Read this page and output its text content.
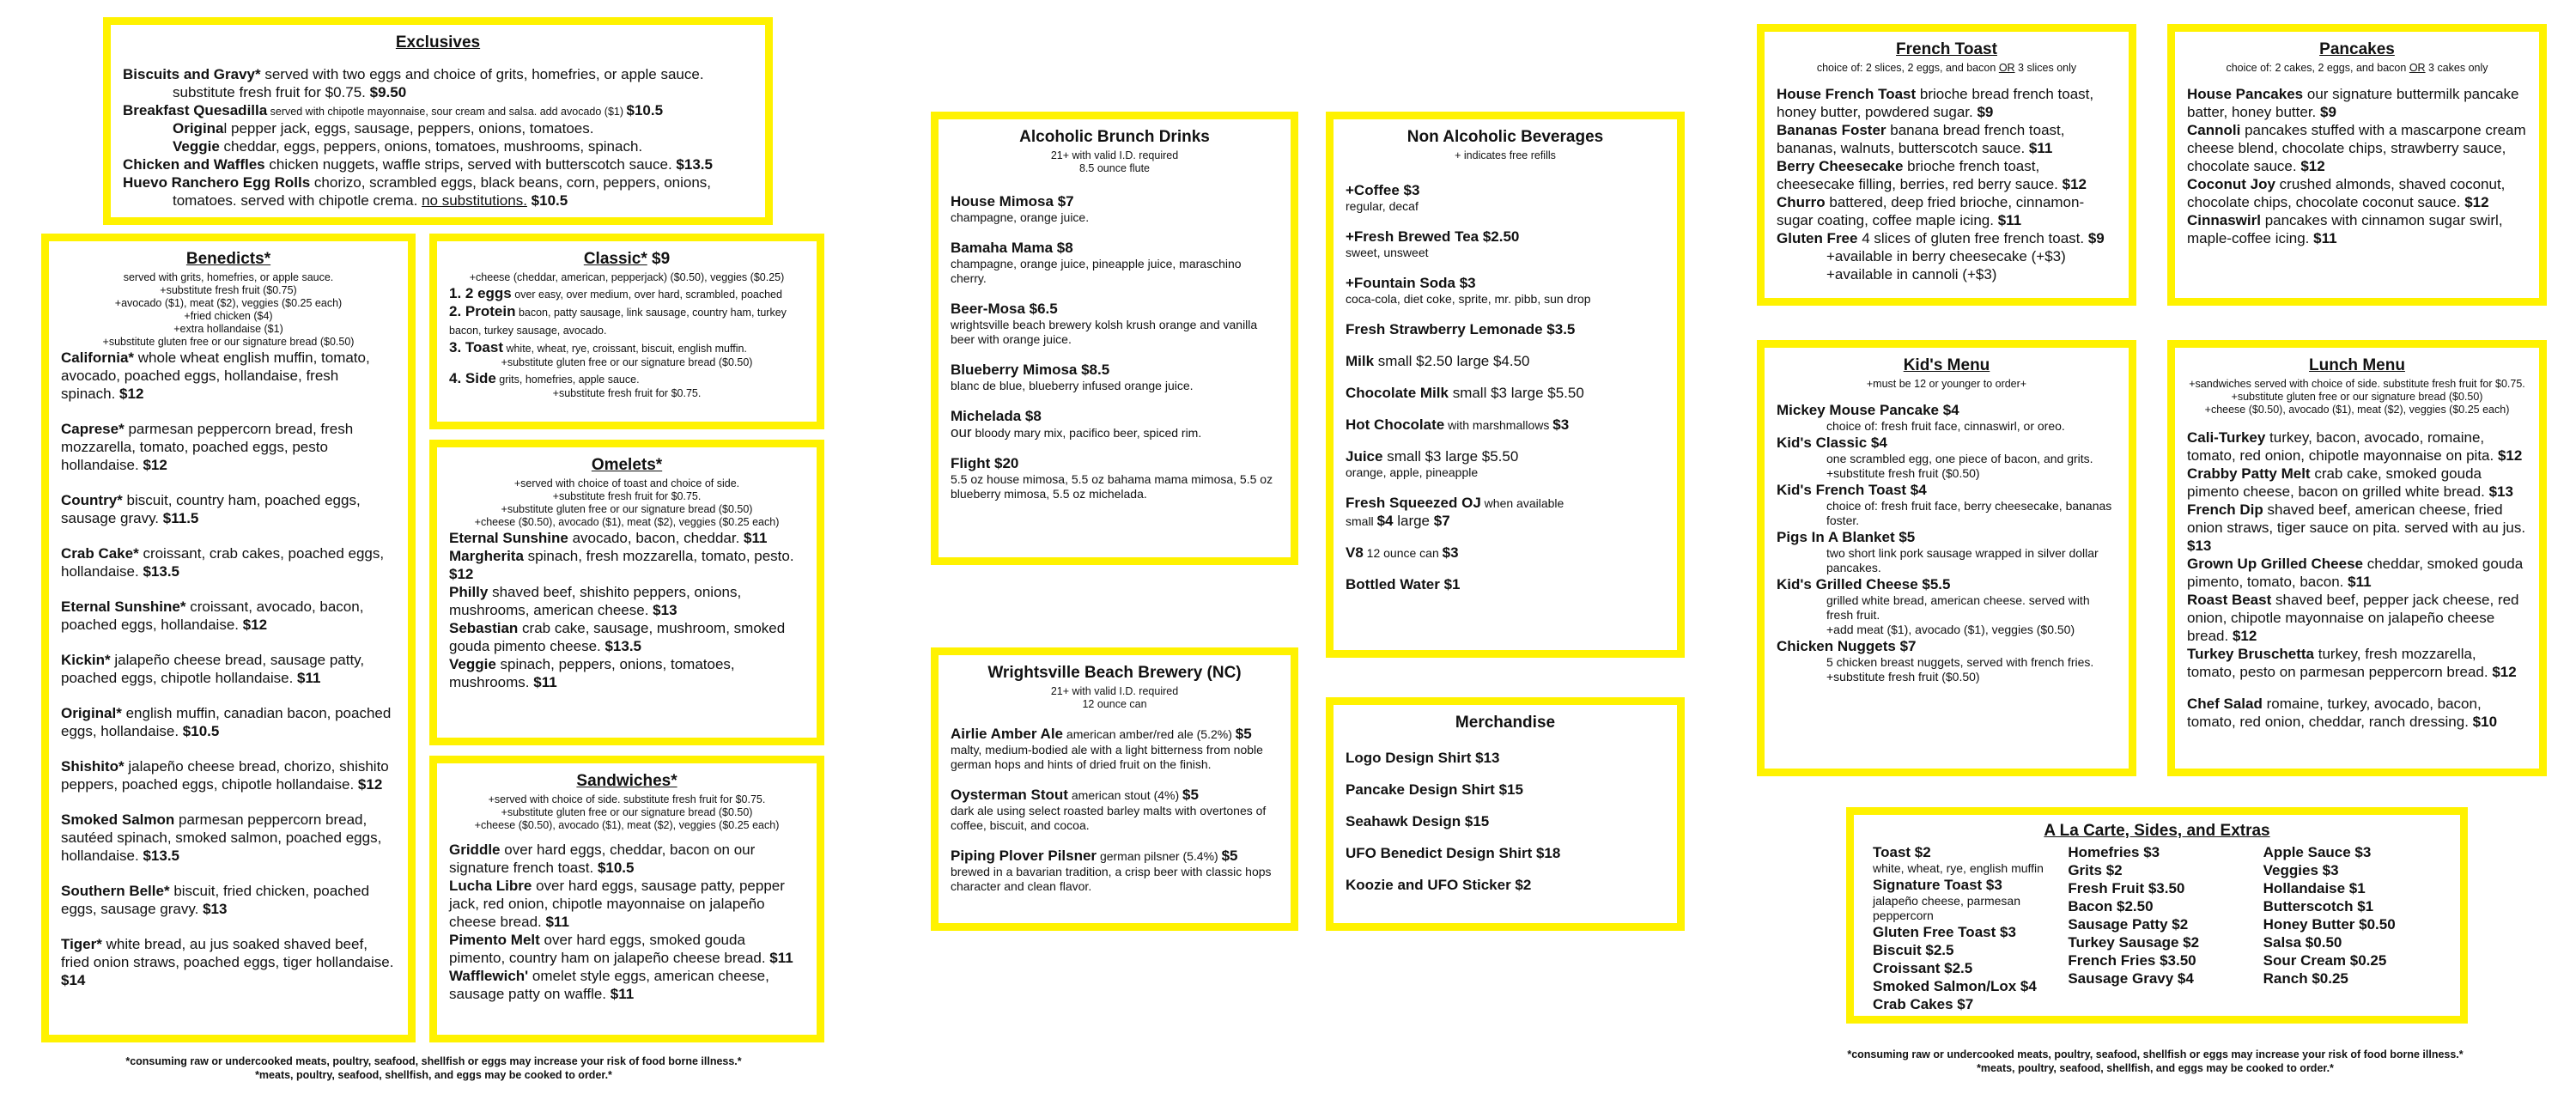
Exclusives
Biscuits and Gravy* served with two eggs and choice of grits, homefries, or apple sauce.
substitute fresh fruit for $0.75. $9.50
Breakfast Quesadilla served with chipotle mayonnaise, sour cream and salsa. add avocado ($1) $10.5
Original pepper jack, eggs, sausage, peppers, onions, tomatoes.
Veggie cheddar, eggs, peppers, onions, tomatoes, mushrooms, spinach.
Chicken and Waffles chicken nuggets, waffle strips, served with butterscotch sauce. $13.5
Huevo Ranchero Egg Rolls chorizo, scrambled eggs, black beans, corn, peppers, onions,
tomatoes. served with chipotle crema. no substitutions. $10.5
Benedicts*
served with grits, homefries, or apple sauce.
+substitute fresh fruit ($0.75)
+avocado ($1), meat ($2), veggies ($0.25 each)
+fried chicken ($4)
+extra hollandaise ($1)
+substitute gluten free or our signature bread ($0.50)
California* whole wheat english muffin, tomato, avocado, poached eggs, hollandaise, fresh spinach. $12
Caprese* parmesan peppercorn bread, fresh mozzarella, tomato, poached eggs, pesto hollandaise. $12
Country* biscuit, country ham, poached eggs, sausage gravy. $11.5
Crab Cake* croissant, crab cakes, poached eggs, hollandaise. $13.5
Eternal Sunshine* croissant, avocado, bacon, poached eggs, hollandaise. $12
Kickin* jalapeño cheese bread, sausage patty, poached eggs, chipotle hollandaise. $11
Original* english muffin, canadian bacon, poached eggs, hollandaise. $10.5
Shishito* jalapeño cheese bread, chorizo, shishito peppers, poached eggs, chipotle hollandaise. $12
Smoked Salmon parmesan peppercorn bread, sautéed spinach, smoked salmon, poached eggs, hollandaise. $13.5
Southern Belle* biscuit, fried chicken, poached eggs, sausage gravy. $13
Tiger* white bread, au jus soaked shaved beef, fried onion straws, poached eggs, tiger hollandaise. $14
Classic* $9
+cheese (cheddar, american, pepperjack) ($0.50), veggies ($0.25)
1. 2 eggs over easy, over medium, over hard, scrambled, poached
2. Protein bacon, patty sausage, link sausage, country ham, turkey bacon, turkey sausage, avocado.
3. Toast white, wheat, rye, croissant, biscuit, english muffin.
+substitute gluten free or our signature bread ($0.50)
4. Side grits, homefries, apple sauce.
+substitute fresh fruit for $0.75.
Omelets*
+served with choice of toast and choice of side.
+substitute fresh fruit for $0.75.
+substitute gluten free or our signature bread ($0.50)
+cheese ($0.50), avocado ($1), meat ($2), veggies ($0.25 each)
Eternal Sunshine avocado, bacon, cheddar. $11
Margherita spinach, fresh mozzarella, tomato, pesto. $12
Philly shaved beef, shishito peppers, onions, mushrooms, american cheese. $13
Sebastian crab cake, sausage, mushroom, smoked gouda pimento cheese. $13.5
Veggie spinach, peppers, onions, tomatoes, mushrooms. $11
Sandwiches*
+served with choice of side. substitute fresh fruit for $0.75.
+substitute gluten free or our signature bread ($0.50)
+cheese ($0.50), avocado ($1), meat ($2), veggies ($0.25 each)
Griddle over hard eggs, cheddar, bacon on our signature french toast. $10.5
Lucha Libre over hard eggs, sausage patty, pepper jack, red onion, chipotle mayonnaise on jalapeño cheese bread. $11
Pimento Melt over hard eggs, smoked gouda pimento, country ham on jalapeño cheese bread. $11
Wafflewich' omelet style eggs, american cheese, sausage patty on waffle. $11
*consuming raw or undercooked meats, poultry, seafood, shellfish or eggs may increase your risk of food borne illness.*
*meats, poultry, seafood, shellfish, and eggs may be cooked to order.*
Alcoholic Brunch Drinks
21+ with valid I.D. required
8.5 ounce flute
House Mimosa $7
champagne, orange juice.
Bamaha Mama $8
champagne, orange juice, pineapple juice, maraschino cherry.
Beer-Mosa $6.5
wrightsville beach brewery kolsh krush orange and vanilla beer with orange juice.
Blueberry Mimosa $8.5
blanc de blue, blueberry infused orange juice.
Michelada $8
our bloody mary mix, pacifico beer, spiced rim.
Flight $20
5.5 oz house mimosa, 5.5 oz bahama mama mimosa, 5.5 oz blueberry mimosa, 5.5 oz michelada.
Non Alcoholic Beverages
+ indicates free refills
+Coffee $3
regular, decaf
+Fresh Brewed Tea $2.50
sweet, unsweet
+Fountain Soda $3
coca-cola, diet coke, sprite, mr. pibb, sun drop
Fresh Strawberry Lemonade $3.5
Milk small $2.50 large $4.50
Chocolate Milk small $3 large $5.50
Hot Chocolate with marshmallows $3
Juice small $3 large $5.50
orange, apple, pineapple
Fresh Squeezed OJ when available
small $4 large $7
V8 12 ounce can $3
Bottled Water $1
Wrightsville Beach Brewery (NC)
21+ with valid I.D. required
12 ounce can
Airlie Amber Ale american amber/red ale (5.2%) $5
malty, medium-bodied ale with a light bitterness from noble german hops and hints of dried fruit on the finish.
Oysterman Stout american stout (4%) $5
dark ale using select roasted barley malts with overtones of coffee, biscuit, and cocoa.
Piping Plover Pilsner german pilsner (5.4%) $5
brewed in a bavarian tradition, a crisp beer with classic hops character and clean flavor.
Merchandise
Logo Design Shirt $13
Pancake Design Shirt $15
Seahawk Design $15
UFO Benedict Design Shirt $18
Koozie and UFO Sticker $2
French Toast
choice of: 2 slices, 2 eggs, and bacon OR 3 slices only
House French Toast brioche bread french toast, honey butter, powdered sugar. $9
Bananas Foster banana bread french toast, bananas, walnuts, butterscotch sauce. $11
Berry Cheesecake brioche french toast, cheesecake filling, berries, red berry sauce. $12
Churro battered, deep fried brioche, cinnamon-sugar coating, coffee maple icing. $11
Gluten Free 4 slices of gluten free french toast. $9
+available in berry cheesecake (+$3)
+available in cannoli (+$3)
Pancakes
choice of: 2 cakes, 2 eggs, and bacon OR 3 cakes only
House Pancakes our signature buttermilk pancake batter, honey butter. $9
Cannoli pancakes stuffed with a mascarpone cream cheese blend, chocolate chips, strawberry sauce, chocolate sauce. $12
Coconut Joy crushed almonds, shaved coconut, chocolate chips, chocolate coconut sauce. $12
Cinnaswirl pancakes with cinnamon sugar swirl, maple-coffee icing. $11
Kid's Menu
+must be 12 or younger to order+
Mickey Mouse Pancake $4
choice of: fresh fruit face, cinnaswirl, or oreo.
Kid's Classic $4
one scrambled egg, one piece of bacon, and grits.
+substitute fresh fruit ($0.50)
Kid's French Toast $4
choice of: fresh fruit face, berry cheesecake, bananas foster.
Pigs In A Blanket $5
two short link pork sausage wrapped in silver dollar pancakes.
Kid's Grilled Cheese $5.5
grilled white bread, american cheese. served with fresh fruit.
+add meat ($1), avocado ($1), veggies ($0.50)
Chicken Nuggets $7
5 chicken breast nuggets, served with french fries.
+substitute fresh fruit ($0.50)
Lunch Menu
+sandwiches served with choice of side. substitute fresh fruit for $0.75.
+substitute gluten free or our signature bread ($0.50)
+cheese ($0.50), avocado ($1), meat ($2), veggies ($0.25 each)
Cali-Turkey turkey, bacon, avocado, romaine, tomato, red onion, chipotle mayonnaise on pita. $12
Crabby Patty Melt crab cake, smoked gouda pimento cheese, bacon on grilled white bread. $13
French Dip shaved beef, american cheese, fried onion straws, tiger sauce on pita. served with au jus. $13
Grown Up Grilled Cheese cheddar, smoked gouda pimento, tomato, bacon. $11
Roast Beast shaved beef, pepper jack cheese, red onion, chipotle mayonnaise on jalapeño cheese bread. $12
Turkey Bruschetta turkey, fresh mozzarella, tomato, pesto on parmesan peppercorn bread. $12
Chef Salad romaine, turkey, avocado, bacon, tomato, red onion, cheddar, ranch dressing. $10
A La Carte, Sides, and Extras
Toast $2
white, wheat, rye, english muffin
Signature Toast $3
jalapeño cheese, parmesan peppercorn
Gluten Free Toast $3
Biscuit $2.5
Croissant $2.5
Smoked Salmon/Lox $4
Crab Cakes $7
Homefries $3
Grits $2
Fresh Fruit $3.50
Bacon $2.50
Sausage Patty $2
Turkey Sausage $2
French Fries $3.50
Sausage Gravy $4
Apple Sauce $3
Veggies $3
Hollandaise $1
Butterscotch $1
Honey Butter $0.50
Salsa $0.50
Sour Cream $0.25
Ranch $0.25
*consuming raw or undercooked meats, poultry, seafood, shellfish or eggs may increase your risk of food borne illness.*
*meats, poultry, seafood, shellfish, and eggs may be cooked to order.*
